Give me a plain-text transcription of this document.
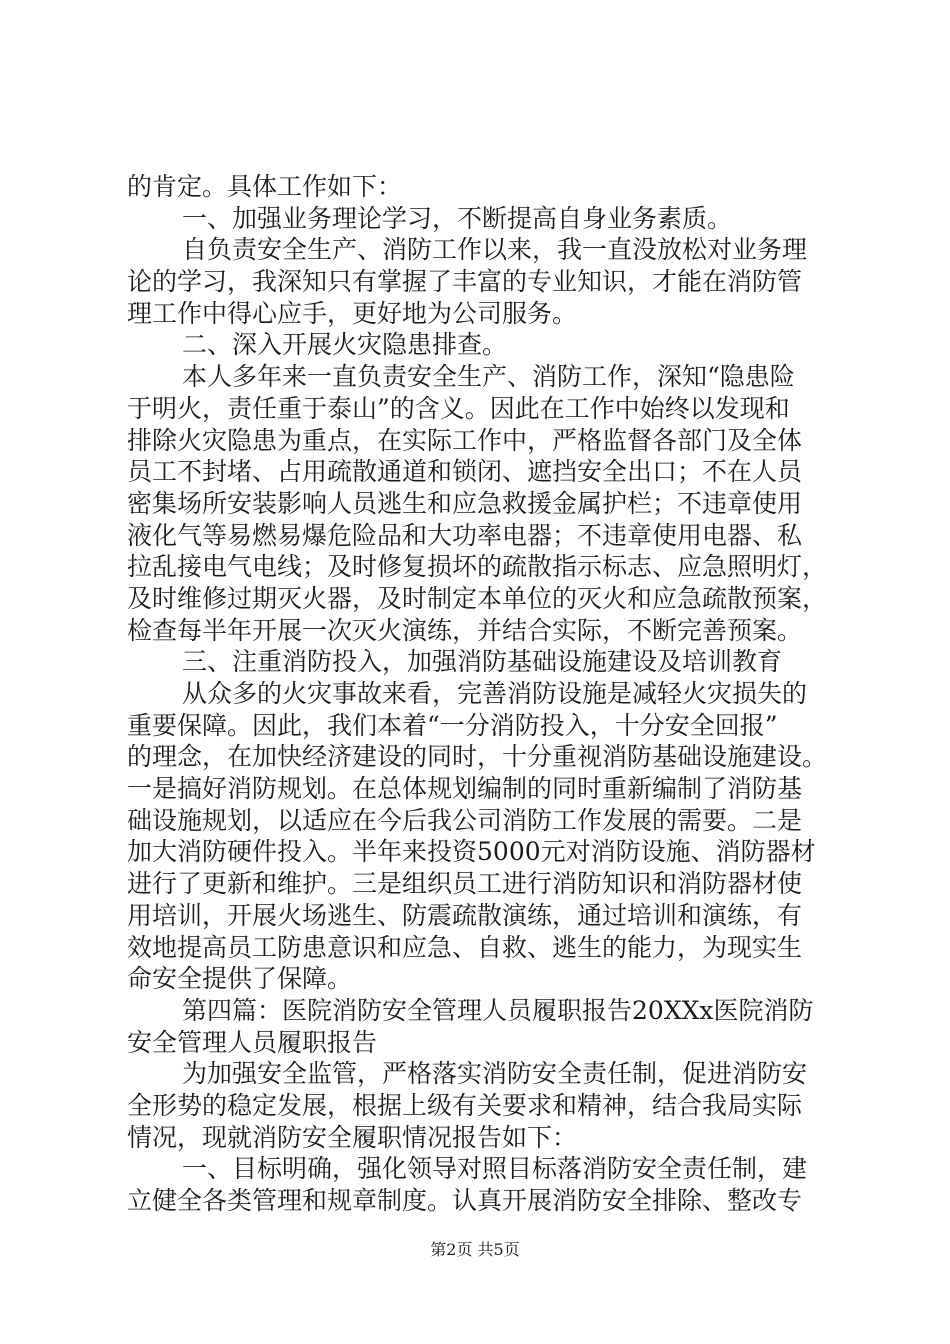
的肯定。具体工作如下：
一、加强业务理论学习，不断提高自身业务素质。
自负责安全生产、消防工作以来，我一直没放松对业务理
论的学习，我深知只有掌握了丰富的专业知识，才能在消防管
理工作中得心应手，更好地为公司服务。
二、深入开展火灾隐患排查。
本人多年来一直负责安全生产、消防工作，深知“隐患险
于明火，责任重于泰山”的含义。因此在工作中始终以发现和
排除火灾隐患为重点，在实际工作中，严格监督各部门及全体
员工不封堵、占用疏散通道和锁闭、遮挡安全出口；不在人员
密集场所安装影响人员逃生和应急救援金属护栏；不违章使用
液化气等易燃易爆危险品和大功率电器；不违章使用电器、私
拉乱接电气电线；及时修复损坏的疏散指示标志、应急照明灯，
及时维修过期灭火器，及时制定本单位的灭火和应急疏散预案，
检查每半年开展一次灭火演练，并结合实际，不断完善预案。
三、注重消防投入，加强消防基础设施建设及培训教育
从众多的火灾事故来看，完善消防设施是减轻火灾损失的
重要保障。因此，我们本着“一分消防投入，十分安全回报”
的理念，在加快经济建设的同时，十分重视消防基础设施建设。
一是搞好消防规划。在总体规划编制的同时重新编制了消防基
础设施规划，以适应在今后我公司消防工作发展的需要。二是
加大消防硬件投入。半年来投资5000元对消防设施、消防器材
进行了更新和维护。三是组织员工进行消防知识和消防器材使
用培训，开展火场逃生、防震疏散演练，通过培训和演练，有
效地提高员工防患意识和应急、自救、逃生的能力，为现实生
命安全提供了保障。
第四篇：医院消防安全管理人员履职报告20XXx医院消防
安全管理人员履职报告
为加强安全监管，严格落实消防安全责任制，促进消防安
全形势的稳定发展，根据上级有关要求和精神，结合我局实际
情况，现就消防安全履职情况报告如下：
一、目标明确，强化领导对照目标落消防安全责任制，建
立健全各类管理和规章制度。认真开展消防安全排除、整改专
第2页 共5页
